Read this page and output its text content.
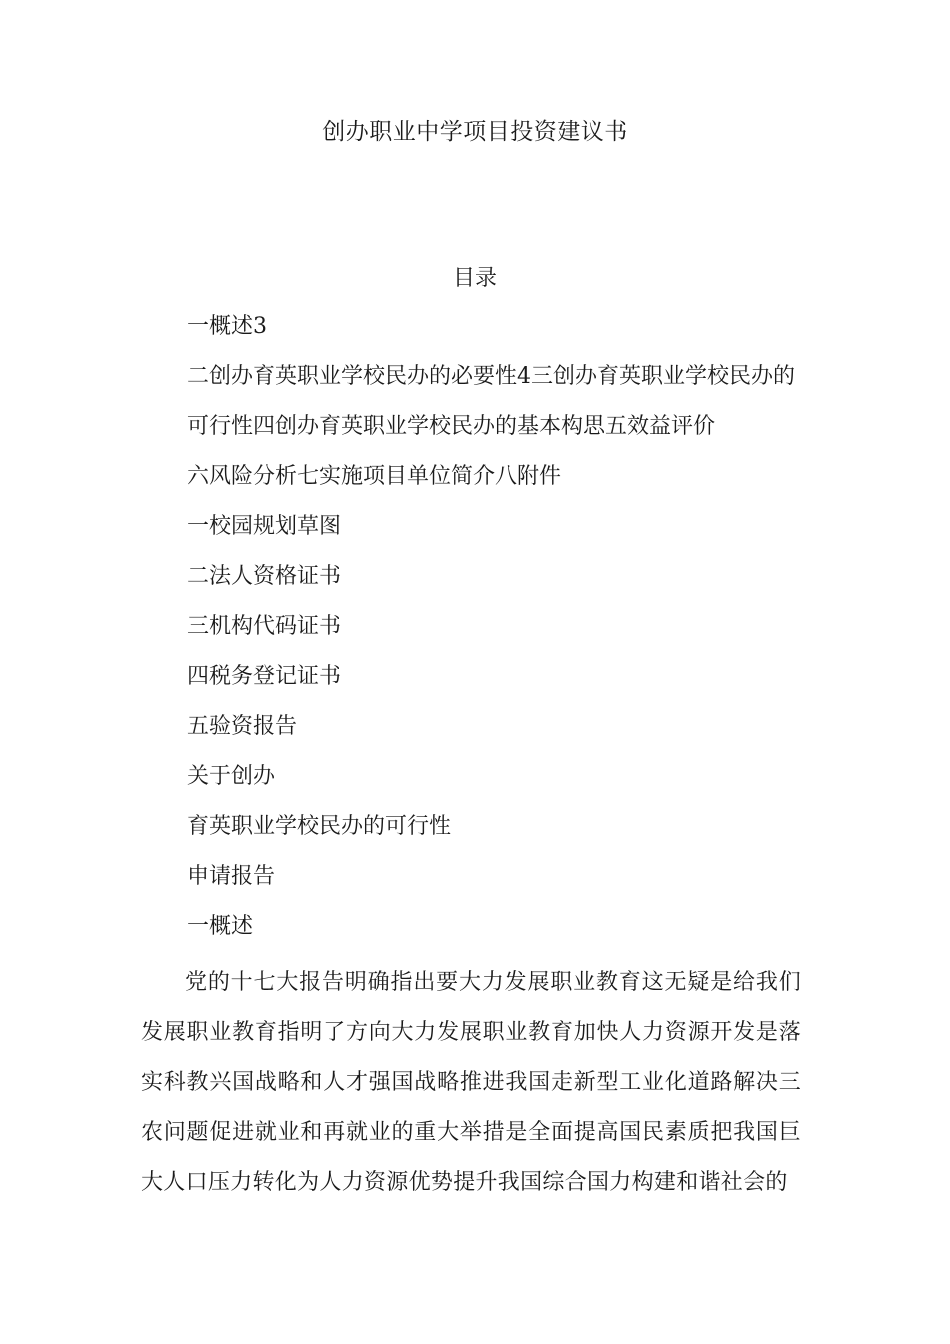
创办职业中学项目投资建议书
目录
一概述3
二创办育英职业学校民办的必要性4三创办育英职业学校民办的
可行性四创办育英职业学校民办的基本构思五效益评价
六风险分析七实施项目单位简介八附件
一校园规划草图
二法人资格证书
三机构代码证书
四税务登记证书
五验资报告
关于创办
育英职业学校民办的可行性
申请报告
一概述

党的十七大报告明确指出要大力发展职业教育这无疑是给我们发展职业教育指明了方向大力发展职业教育加快人力资源开发是落实科教兴国战略和人才强国战略推进我国走新型工业化道路解决三农问题促进就业和再就业的重大举措是全面提高国民素质把我国巨大人口压力转化为人力资源优势提升我国综合国力构建和谐社会的
